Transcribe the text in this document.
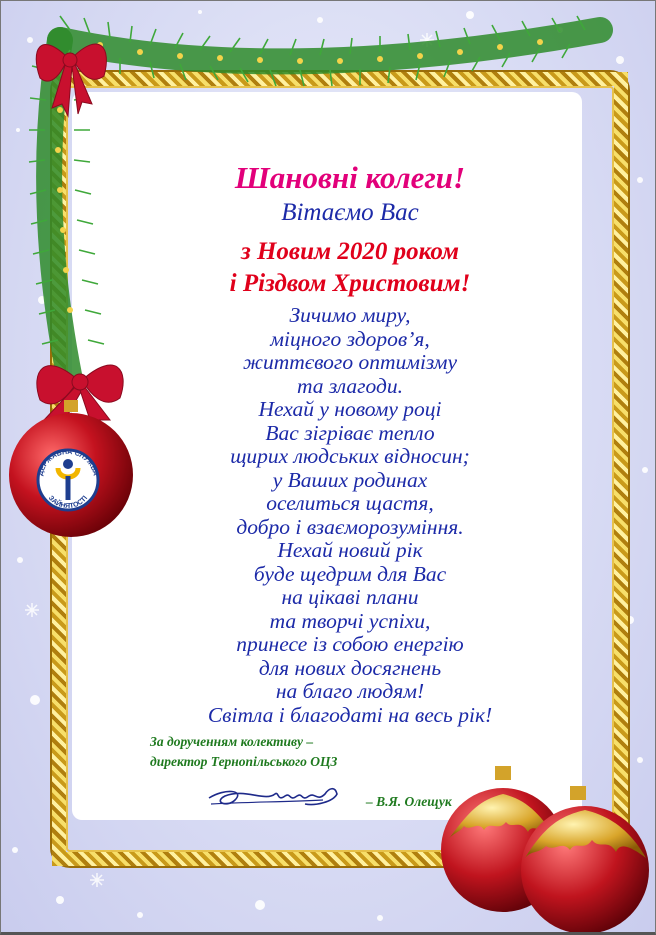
ДЕРЖАВНА СЛУЖБА
ЗАЙНЯТОСТІ
Шановні колеги!
Вітаємо Вас
з Новим 2020 роком
і Різдвом Христовим!
Зичимо миру,
міцного здоров’я,
життєвого оптимізму
та злагоди.
Нехай у новому році
Вас зігріває тепло
щирих людських відносин;
у Ваших родинах
оселиться щастя,
добро і взаєморозуміння.
Нехай новий рік
буде щедрим для Вас
на цікаві плани
та творчі успіхи,
принесе із собою енергію
для нових досягнень
на благо людям!
Світла і благодаті на весь рік!
За дорученням колективу –
директор Тернопільського ОЦЗ
– В.Я. Олещук
